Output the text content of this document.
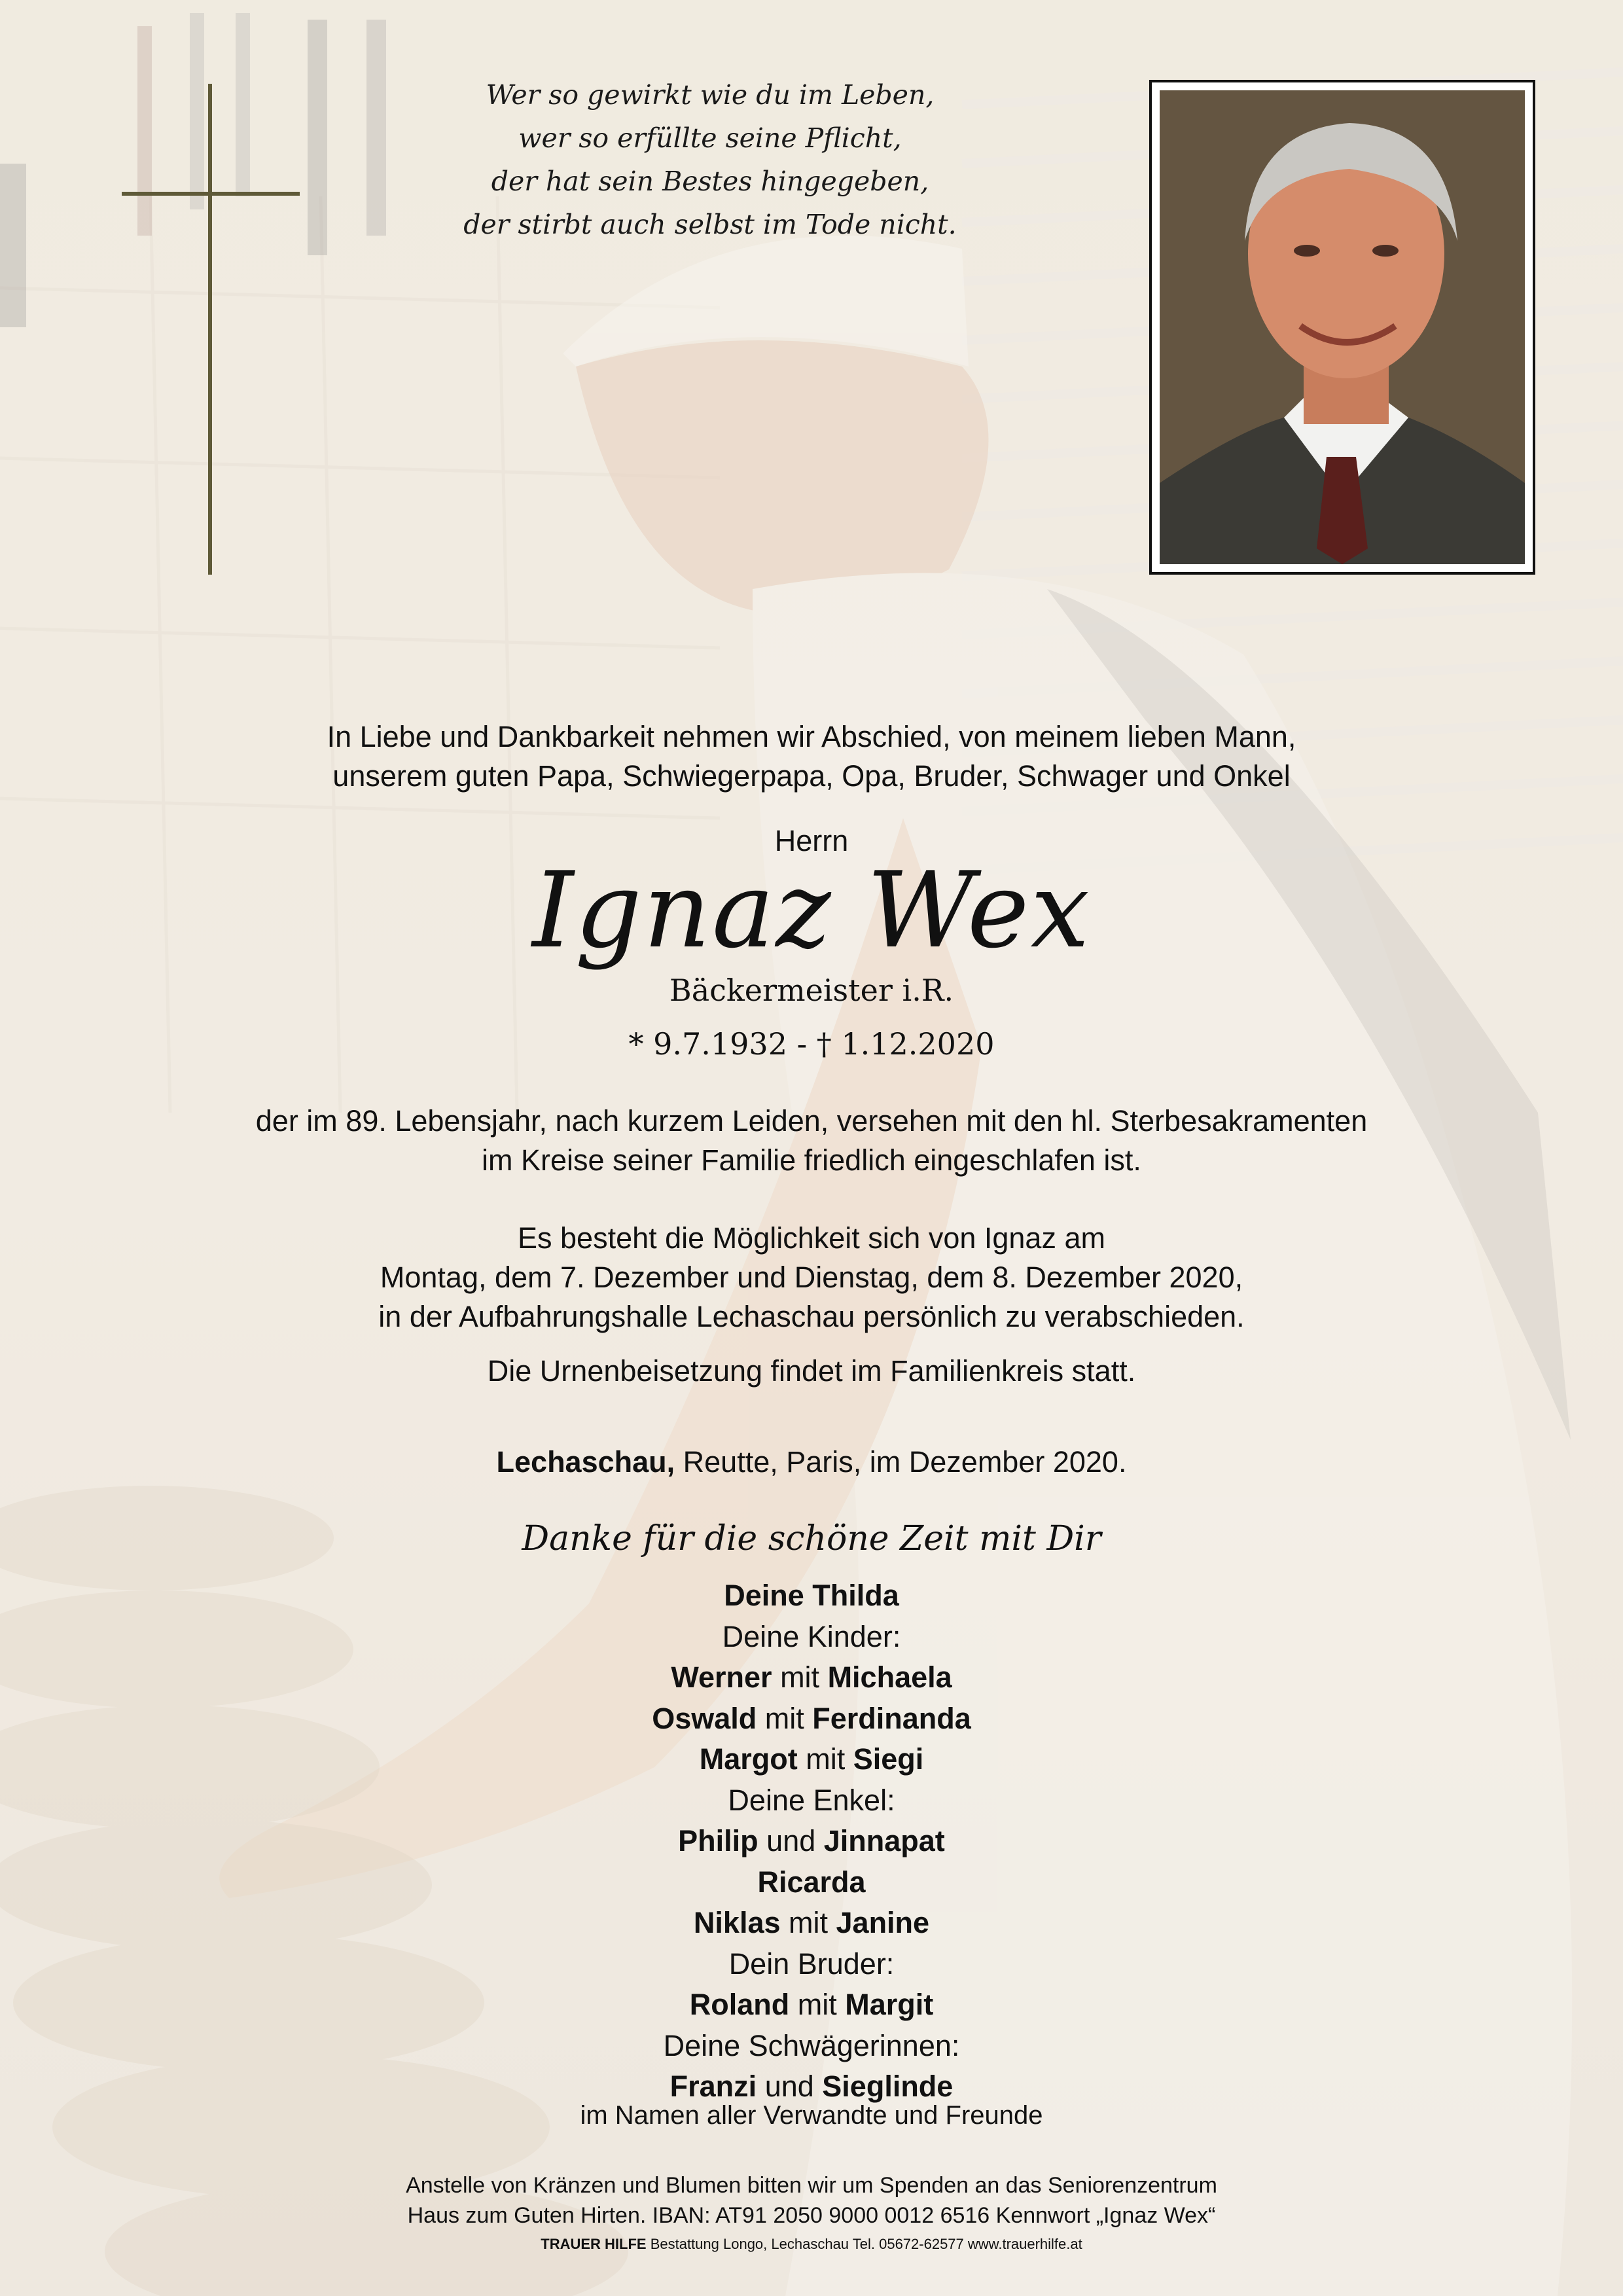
Wer so gewirkt wie du im Leben,
wer so erfüllte seine Pflicht,
der hat sein Bestes hingegeben,
der stirbt auch selbst im Tode nicht.
In Liebe und Dankbarkeit nehmen wir Abschied, von meinem lieben Mann,
unserem guten Papa, Schwiegerpapa, Opa, Bruder, Schwager und Onkel
Herrn
Ignaz Wex
Bäckermeister i.R.
* 9.7.1932 - † 1.12.2020
der im 89. Lebensjahr, nach kurzem Leiden, versehen mit den hl. Sterbesakramenten
im Kreise seiner Familie friedlich eingeschlafen ist.
Es besteht die Möglichkeit sich von Ignaz am
Montag, dem 7. Dezember und Dienstag, dem 8. Dezember 2020,
in der Aufbahrungshalle Lechaschau persönlich zu verabschieden.
Die Urnenbeisetzung findet im Familienkreis statt.
Lechaschau, Reutte, Paris, im Dezember 2020.
Danke für die schöne Zeit mit Dir
Deine Thilda
Deine Kinder:
Werner mit Michaela
Oswald mit Ferdinanda
Margot mit Siegi
Deine Enkel:
Philip und Jinnapat
Ricarda
Niklas mit Janine
Dein Bruder:
Roland mit Margit
Deine Schwägerinnen:
Franzi und Sieglinde
im Namen aller Verwandte und Freunde
Anstelle von Kränzen und Blumen bitten wir um Spenden an das Seniorenzentrum
Haus zum Guten Hirten. IBAN: AT91 2050 9000 0012 6516 Kennwort „Ignaz Wex“
TRAUER HILFE Bestattung Longo, Lechaschau Tel. 05672-62577 www.trauerhilfe.at
